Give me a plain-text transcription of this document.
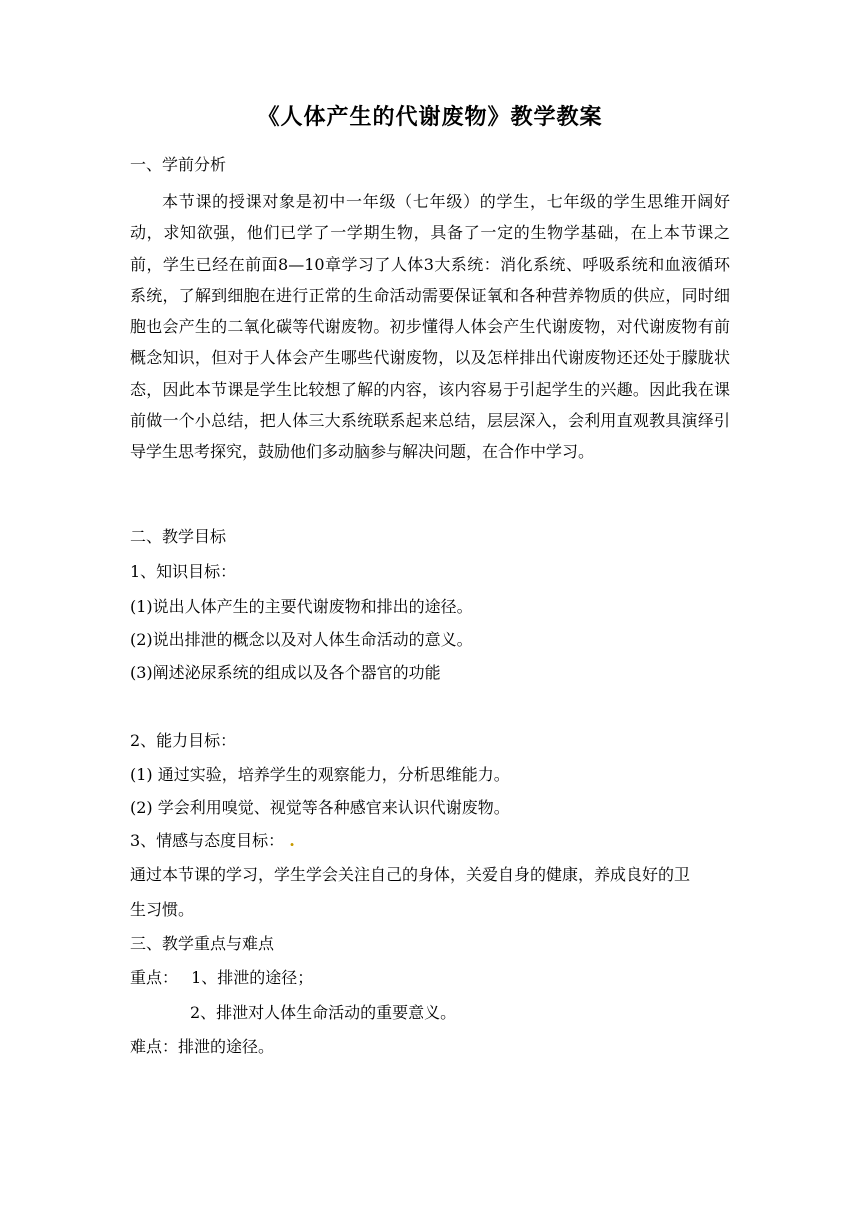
《人体产生的代谢废物》教学教案
一、学前分析
本节课的授课对象是初中一年级（七年级）的学生，七年级的学生思维开阔好动，求知欲强，他们已学了一学期生物，具备了一定的生物学基础，在上本节课之前，学生已经在前面8—10章学习了人体3大系统：消化系统、呼吸系统和血液循环系统，了解到细胞在进行正常的生命活动需要保证氧和各种营养物质的供应，同时细胞也会产生的二氧化碳等代谢废物。初步懂得人体会产生代谢废物，对代谢废物有前概念知识，但对于人体会产生哪些代谢废物，以及怎样排出代谢废物还还处于朦胧状态，因此本节课是学生比较想了解的内容，该内容易于引起学生的兴趣。因此我在课前做一个小总结，把人体三大系统联系起来总结，层层深入，会利用直观教具演绎引导学生思考探究，鼓励他们多动脑参与解决问题，在合作中学习。
二、教学目标
1、知识目标：
(1)说出人体产生的主要代谢废物和排出的途径。
(2)说出排泄的概念以及对人体生命活动的意义。
(3)阐述泌尿系统的组成以及各个器官的功能
2、能力目标：
(1) 通过实验，培养学生的观察能力，分析思维能力。
(2) 学会利用嗅觉、视觉等各种感官来认识代谢废物。
3、情感与态度目标： .
通过本节课的学习，学生学会关注自己的身体，关爱自身的健康，养成良好的卫
生习惯。
三、教学重点与难点
重点： 1、排泄的途径；
2、排泄对人体生命活动的重要意义。
难点：排泄的途径。
